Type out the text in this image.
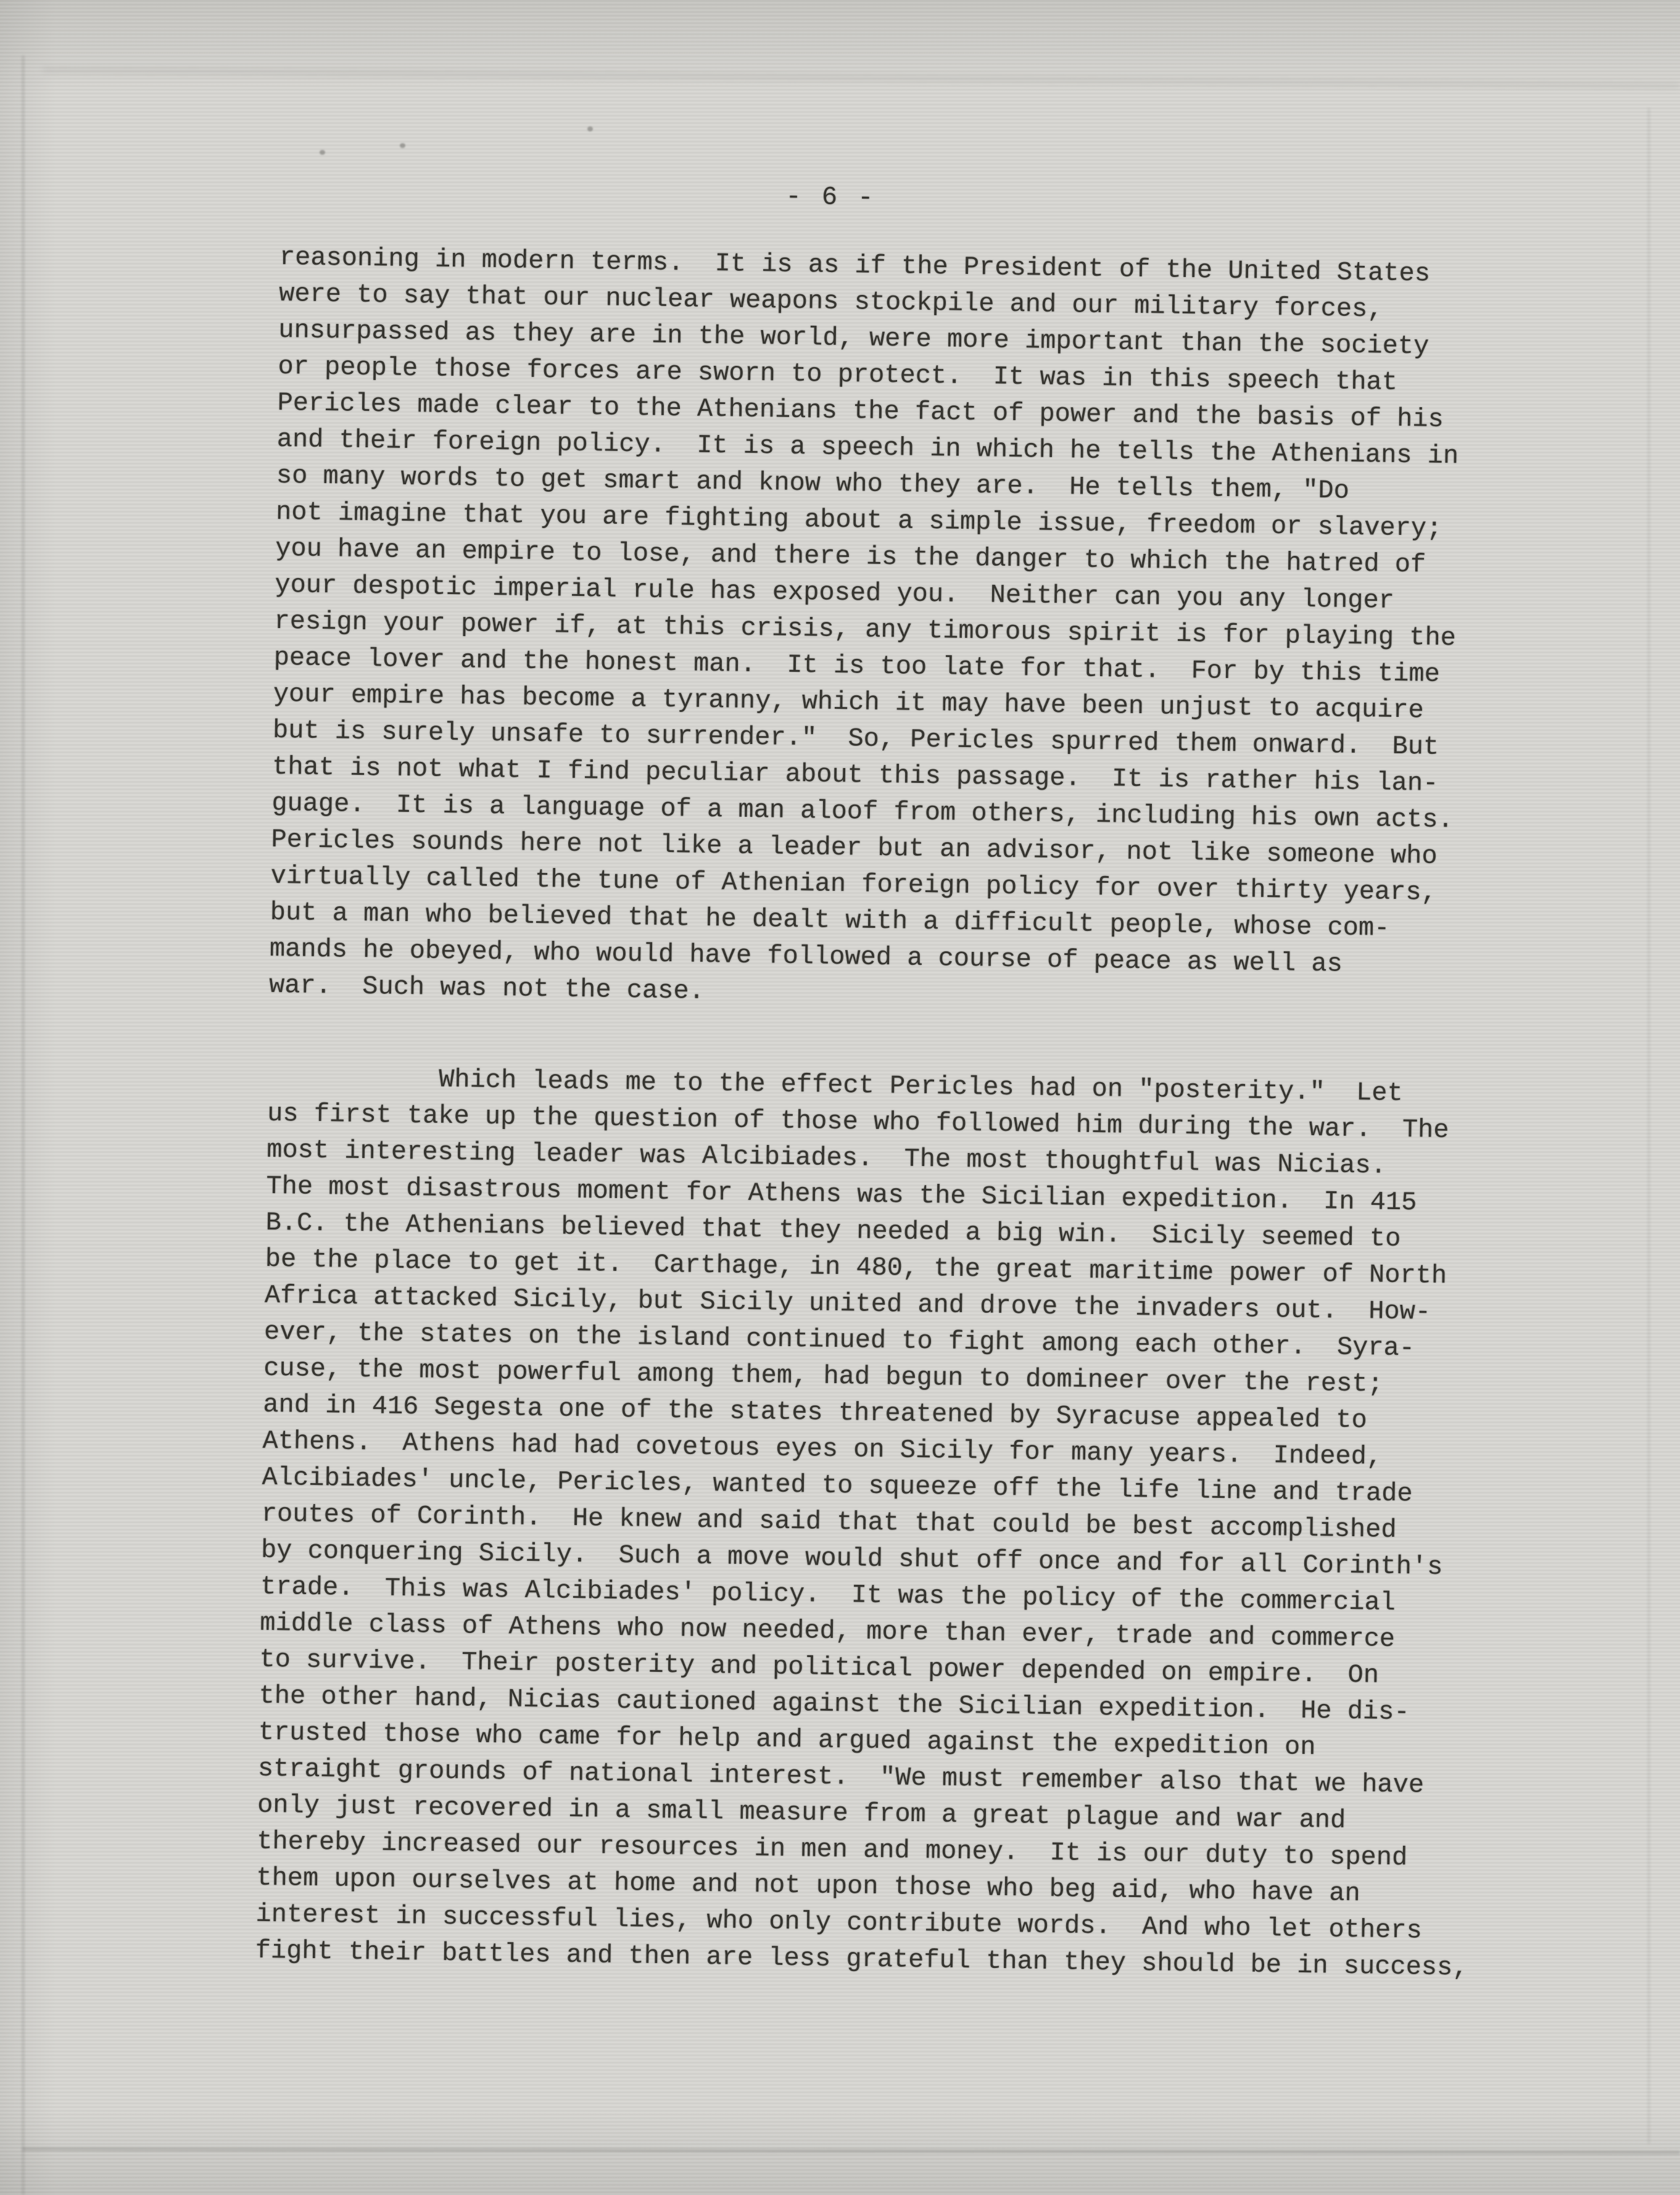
- 6 -
reasoning in modern terms.  It is as if the President of the United States
were to say that our nuclear weapons stockpile and our military forces,
unsurpassed as they are in the world, were more important than the society
or people those forces are sworn to protect.  It was in this speech that
Pericles made clear to the Athenians the fact of power and the basis of his
and their foreign policy.  It is a speech in which he tells the Athenians in
so many words to get smart and know who they are.  He tells them, "Do
not imagine that you are fighting about a simple issue, freedom or slavery;
you have an empire to lose, and there is the danger to which the hatred of
your despotic imperial rule has exposed you.  Neither can you any longer
resign your power if, at this crisis, any timorous spirit is for playing the
peace lover and the honest man.  It is too late for that.  For by this time
your empire has become a tyranny, which it may have been unjust to acquire
but is surely unsafe to surrender."  So, Pericles spurred them onward.  But
that is not what I find peculiar about this passage.  It is rather his lan-
guage.  It is a language of a man aloof from others, including his own acts.
Pericles sounds here not like a leader but an advisor, not like someone who
virtually called the tune of Athenian foreign policy for over thirty years,
but a man who believed that he dealt with a difficult people, whose com-
mands he obeyed, who would have followed a course of peace as well as
war.  Such was not the case.
Which leads me to the effect Pericles had on "posterity."  Let
us first take up the question of those who followed him during the war.  The
most interesting leader was Alcibiades.  The most thoughtful was Nicias.
The most disastrous moment for Athens was the Sicilian expedition.  In 415
B.C. the Athenians believed that they needed a big win.  Sicily seemed to
be the place to get it.  Carthage, in 480, the great maritime power of North
Africa attacked Sicily, but Sicily united and drove the invaders out.  How-
ever, the states on the island continued to fight among each other.  Syra-
cuse, the most powerful among them, had begun to domineer over the rest;
and in 416 Segesta one of the states threatened by Syracuse appealed to
Athens.  Athens had had covetous eyes on Sicily for many years.  Indeed,
Alcibiades' uncle, Pericles, wanted to squeeze off the life line and trade
routes of Corinth.  He knew and said that that could be best accomplished
by conquering Sicily.  Such a move would shut off once and for all Corinth's
trade.  This was Alcibiades' policy.  It was the policy of the commercial
middle class of Athens who now needed, more than ever, trade and commerce
to survive.  Their posterity and political power depended on empire.  On
the other hand, Nicias cautioned against the Sicilian expedition.  He dis-
trusted those who came for help and argued against the expedition on
straight grounds of national interest.  "We must remember also that we have
only just recovered in a small measure from a great plague and war and
thereby increased our resources in men and money.  It is our duty to spend
them upon ourselves at home and not upon those who beg aid, who have an
interest in successful lies, who only contribute words.  And who let others
fight their battles and then are less grateful than they should be in success,
